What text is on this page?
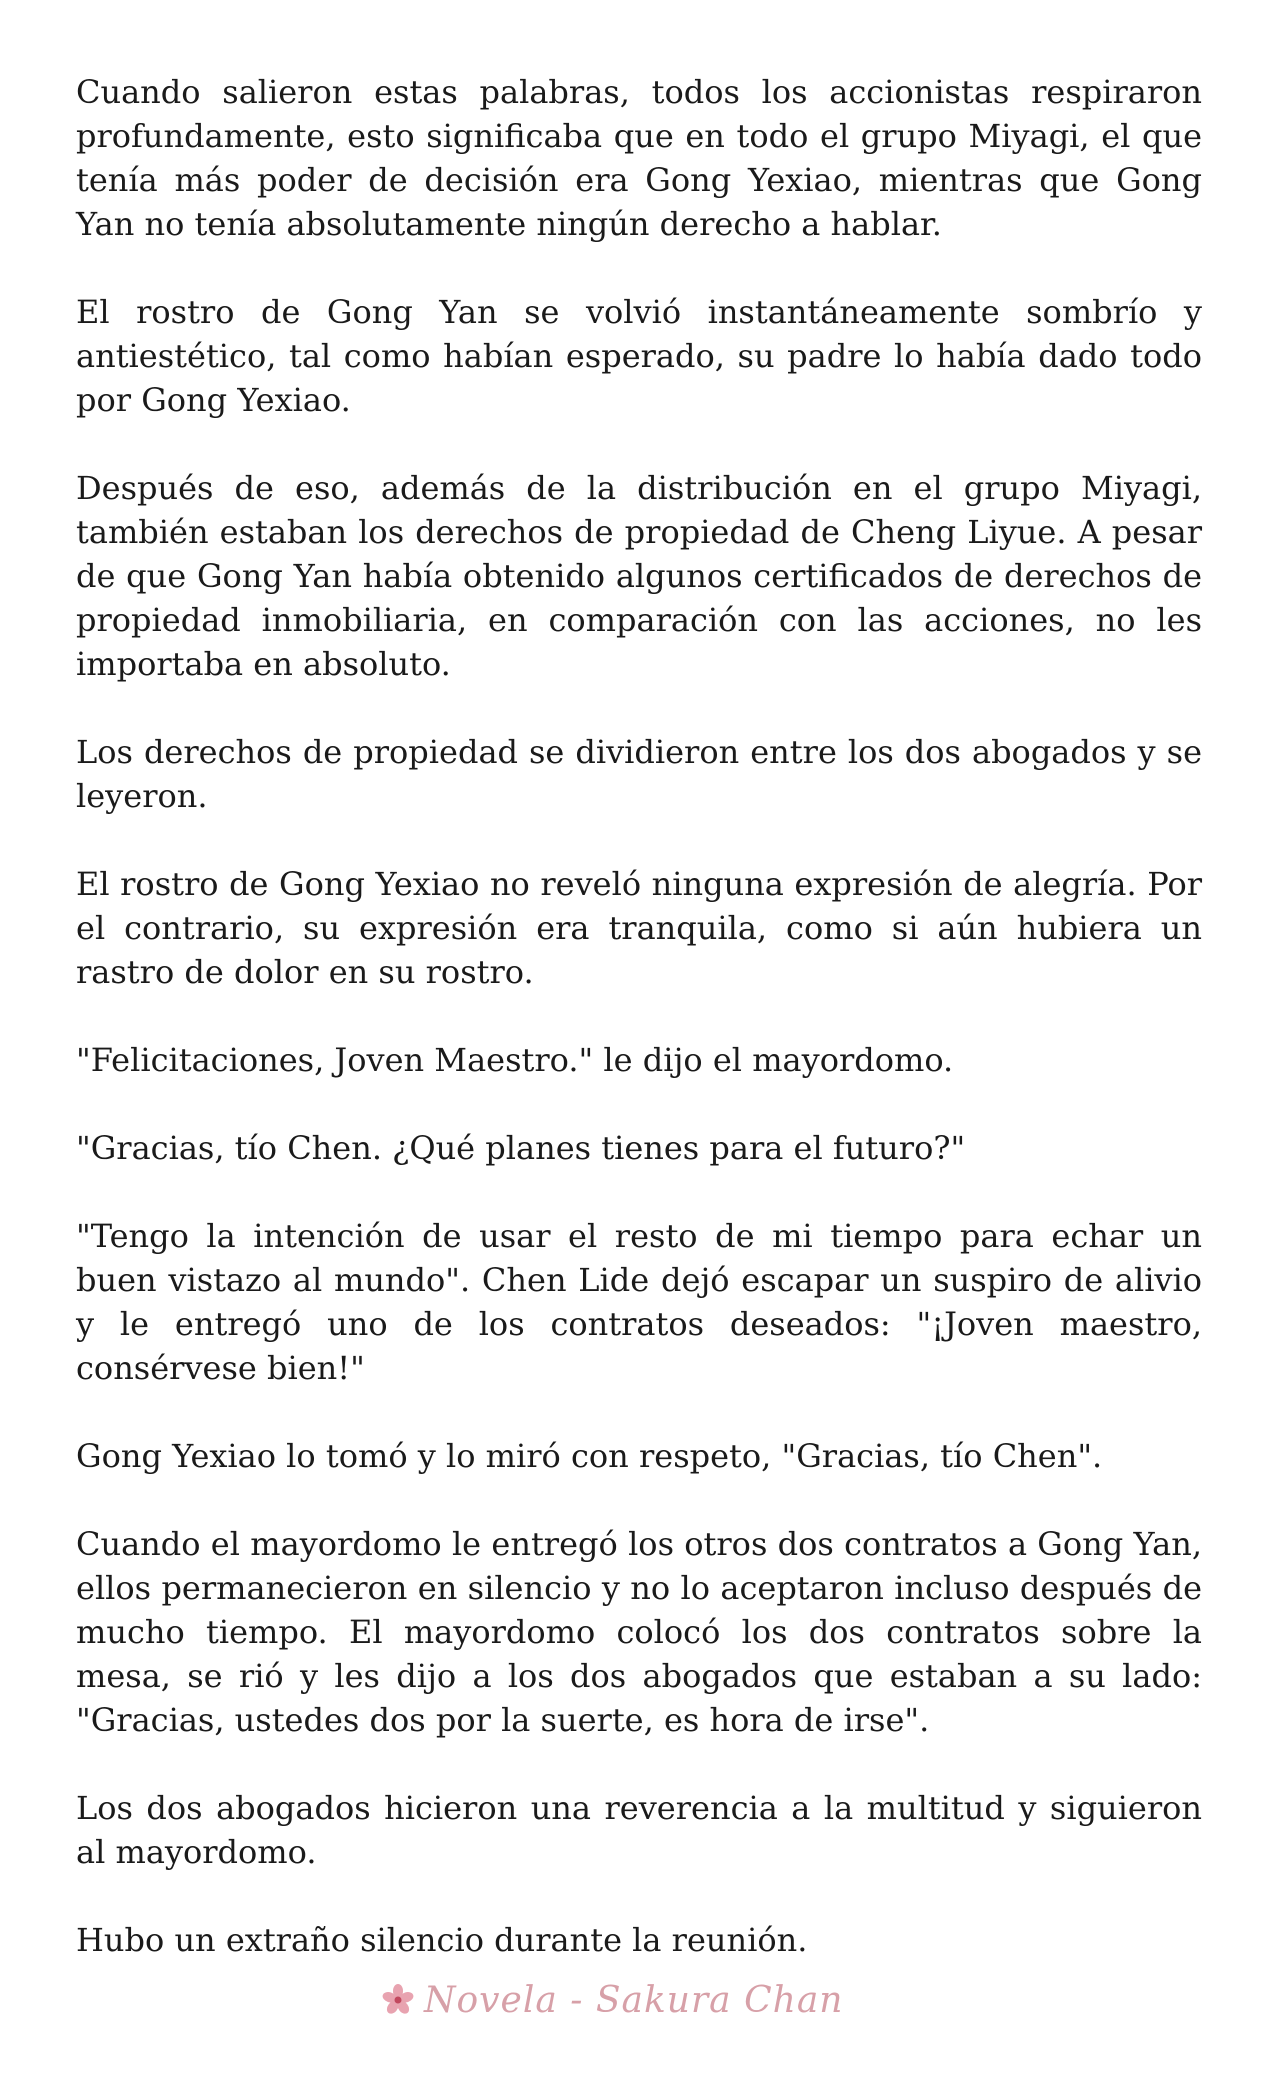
Cuando salieron estas palabras, todos los accionistas respiraron profundamente, esto significaba que en todo el grupo Miyagi, el que tenía más poder de decisión era Gong Yexiao, mientras que Gong Yan no tenía absolutamente ningún derecho a hablar.

El rostro de Gong Yan se volvió instantáneamente sombrío y antiestético, tal como habían esperado, su padre lo había dado todo por Gong Yexiao.

Después de eso, además de la distribución en el grupo Miyagi, también estaban los derechos de propiedad de Cheng Liyue. A pesar de que Gong Yan había obtenido algunos certificados de derechos de propiedad inmobiliaria, en comparación con las acciones, no les importaba en absoluto.

Los derechos de propiedad se dividieron entre los dos abogados y se leyeron.

El rostro de Gong Yexiao no reveló ninguna expresión de alegría. Por el contrario, su expresión era tranquila, como si aún hubiera un rastro de dolor en su rostro.

"Felicitaciones, Joven Maestro." le dijo el mayordomo.

"Gracias, tío Chen. ¿Qué planes tienes para el futuro?"

"Tengo la intención de usar el resto de mi tiempo para echar un buen vistazo al mundo". Chen Lide dejó escapar un suspiro de alivio y le entregó uno de los contratos deseados: "¡Joven maestro, consérvese bien!"

Gong Yexiao lo tomó y lo miró con respeto, "Gracias, tío Chen".

Cuando el mayordomo le entregó los otros dos contratos a Gong Yan, ellos permanecieron en silencio y no lo aceptaron incluso después de mucho tiempo. El mayordomo colocó los dos contratos sobre la mesa, se rió y les dijo a los dos abogados que estaban a su lado: "Gracias, ustedes dos por la suerte, es hora de irse".

Los dos abogados hicieron una reverencia a la multitud y siguieron al mayordomo.

Hubo un extraño silencio durante la reunión.

Novela - Sakura Chan
